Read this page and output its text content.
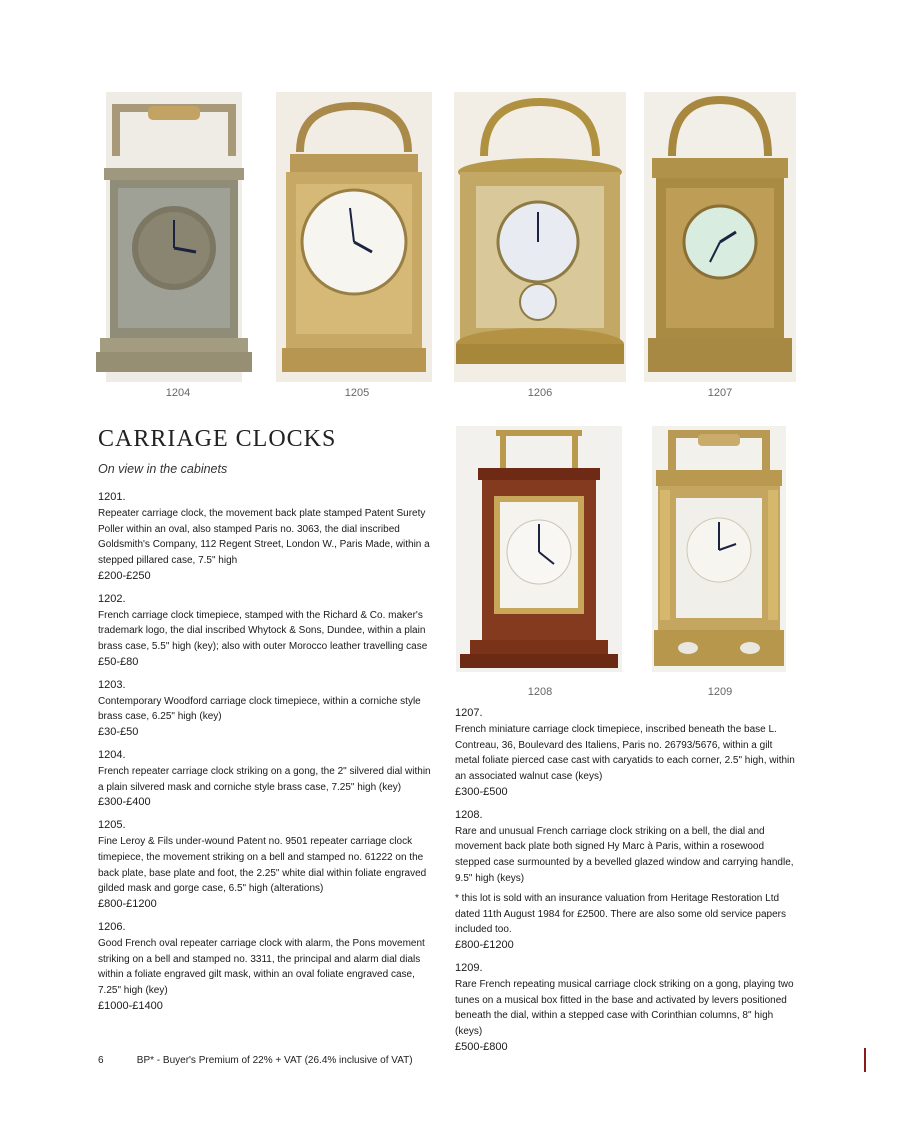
1204	1205	1206	1207
1208	1209
CARRIAGE CLOCKS
On view in the cabinets
1201.
Repeater carriage clock, the movement back plate stamped Patent Surety Poller within an oval, also stamped Paris no. 3063, the dial inscribed Goldsmith's Company, 112 Regent Street, London W., Paris Made, within a stepped pillared case, 7.5" high
£200-£250
1202.
French carriage clock timepiece, stamped with the Richard & Co. maker's trademark logo, the dial inscribed Whytock & Sons, Dundee, within a plain brass case, 5.5" high (key); also with outer Morocco leather travelling case
£50-£80
1203.
Contemporary Woodford carriage clock timepiece, within a corniche style brass case, 6.25" high (key)
£30-£50
1204.
French repeater carriage clock striking on a gong, the 2" silvered dial within a plain silvered mask and corniche style brass case, 7.25" high (key)
£300-£400
1205.
Fine Leroy & Fils under-wound Patent no. 9501 repeater carriage clock timepiece, the movement striking on a bell and stamped no. 61222 on the back plate, base plate and foot, the 2.25" white dial within foliate engraved gilded mask and gorge case, 6.5" high (alterations)
£800-£1200
1206.
Good French oval repeater carriage clock with alarm, the Pons movement striking on a bell and stamped no. 3311, the principal and alarm dial dials within a foliate engraved gilt mask, within an oval foliate engraved case, 7.25" high (key)
£1000-£1400
1207.
French miniature carriage clock timepiece, inscribed beneath the base L. Contreau, 36, Boulevard des Italiens, Paris no. 26793/5676, within a gilt metal foliate pierced case cast with caryatids to each corner, 2.5" high, within an associated walnut case (keys)
£300-£500
1208.
Rare and unusual French carriage clock striking on a bell, the dial and movement back plate both signed Hy Marc à Paris, within a rosewood stepped case surmounted by a bevelled glazed window and carrying handle, 9.5" high (keys)
* this lot is sold with an insurance valuation from Heritage Restoration Ltd dated 11th August 1984 for £2500. There are also some old service papers included too.
£800-£1200
1209.
Rare French repeating musical carriage clock striking on a gong, playing two tunes on a musical box fitted in the base and activated by levers positioned beneath the dial, within a stepped case with Corinthian columns, 8" high (keys)
£500-£800
6	BP* - Buyer's Premium of 22% + VAT (26.4% inclusive of VAT)
